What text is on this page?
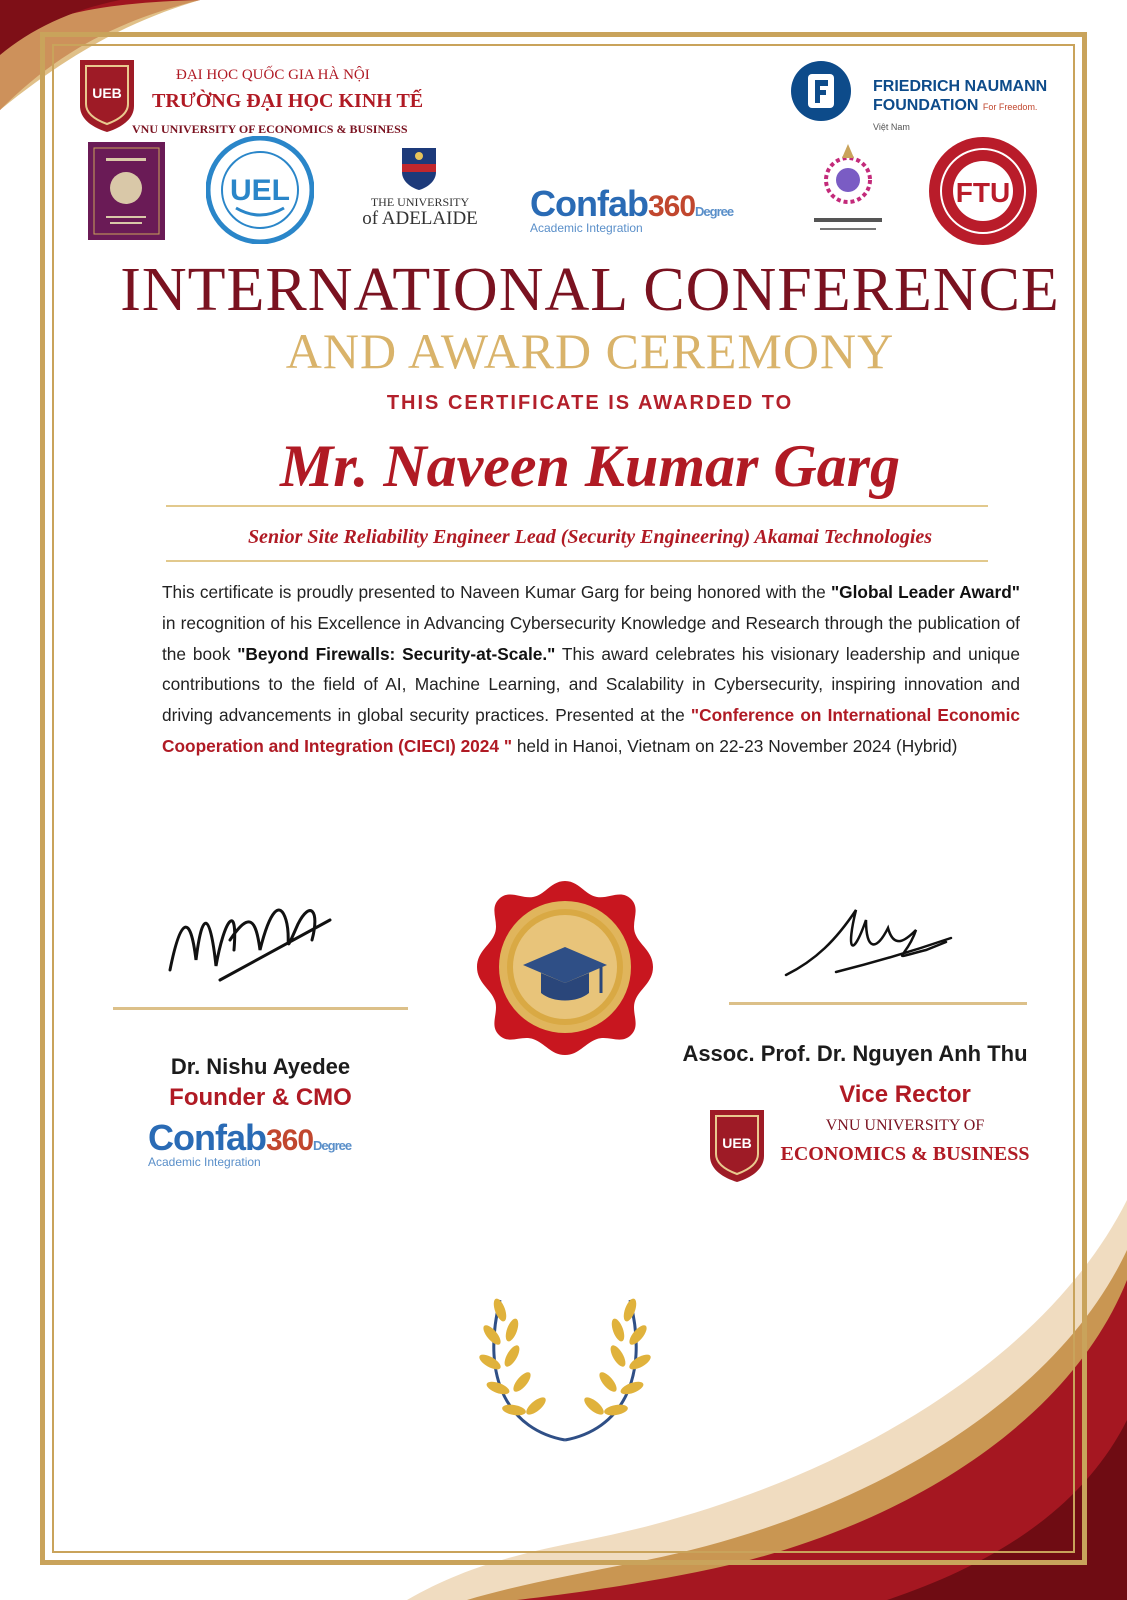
UEB
ĐẠI HỌC QUỐC GIA HÀ NỘI
TRƯỜNG ĐẠI HỌC KINH TẾ
VNU UNIVERSITY OF ECONOMICS & BUSINESS
FRIEDRICH NAUMANN
FOUNDATION For Freedom.
Việt Nam
UEL	THE UNIVERSITY
of ADELAIDE Confab360Degree
Academic Integration
FTU
INTERNATIONAL CONFERENCE
AND AWARD CEREMONY
THIS CERTIFICATE IS AWARDED TO
Mr. Naveen Kumar Garg
Senior Site Reliability Engineer Lead (Security Engineering) Akamai Technologies
This certificate is proudly presented to Naveen Kumar Garg for being honored with the "Global Leader Award" in recognition of his Excellence in Advancing Cybersecurity Knowledge and Research through the publication of the book "Beyond Firewalls: Security-at-Scale." This award celebrates his visionary leadership and unique contributions to the field of AI, Machine Learning, and Scalability in Cybersecurity, inspiring innovation and driving advancements in global security practices. Presented at the "Conference on International Economic Cooperation and Integration (CIECI) 2024 " held in Hanoi, Vietnam on 22-23 November 2024 (Hybrid)
Dr. Nishu Ayedee
Founder & CMO
Confab360Degree
Academic Integration
Assoc. Prof. Dr. Nguyen Anh Thu
Vice Rector
UEB
VNU UNIVERSITY OF
ECONOMICS & BUSINESS
